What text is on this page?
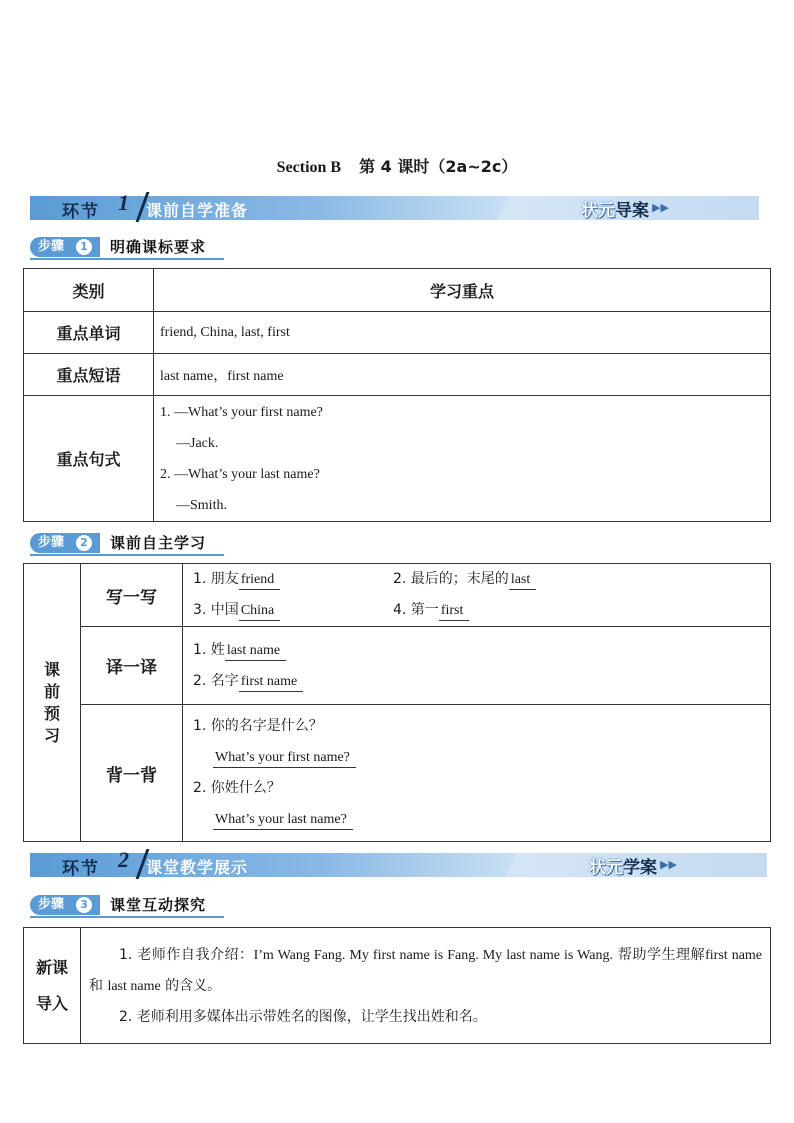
Section B 第 4 课时（2a~2c）
环节 1 课前自学准备	状元导案 ▶▶
步骤	1 明确课标要求
类别	学习重点
重点单词	friend, China, last, first
重点短语	last name，first name
重点句式	1. —What’s your first name?
—Jack.
2. —What’s your last name?
—Smith.
步骤	2 课前自主学习
课前预习	写一写	1. 朋友 friend 2. 最后的；末尾的 last
3. 中国 China 4. 第一 first

	译一译	1. 姓 last name
2. 名字 first name

	背一背	1. 你的名字是什么？
What’s your first name?
2. 你姓什么？
What’s your last name?
环节 2 课堂教学展示	状元学案 ▶▶
步骤	3 课堂互动探究
新课
导入

1. 老师作自我介绍：I’m Wang Fang. My first name is Fang. My last name is Wang. 帮助学生理解first name 和 last name 的含义。
2. 老师利用多媒体出示带姓名的图像，让学生找出姓和名。
